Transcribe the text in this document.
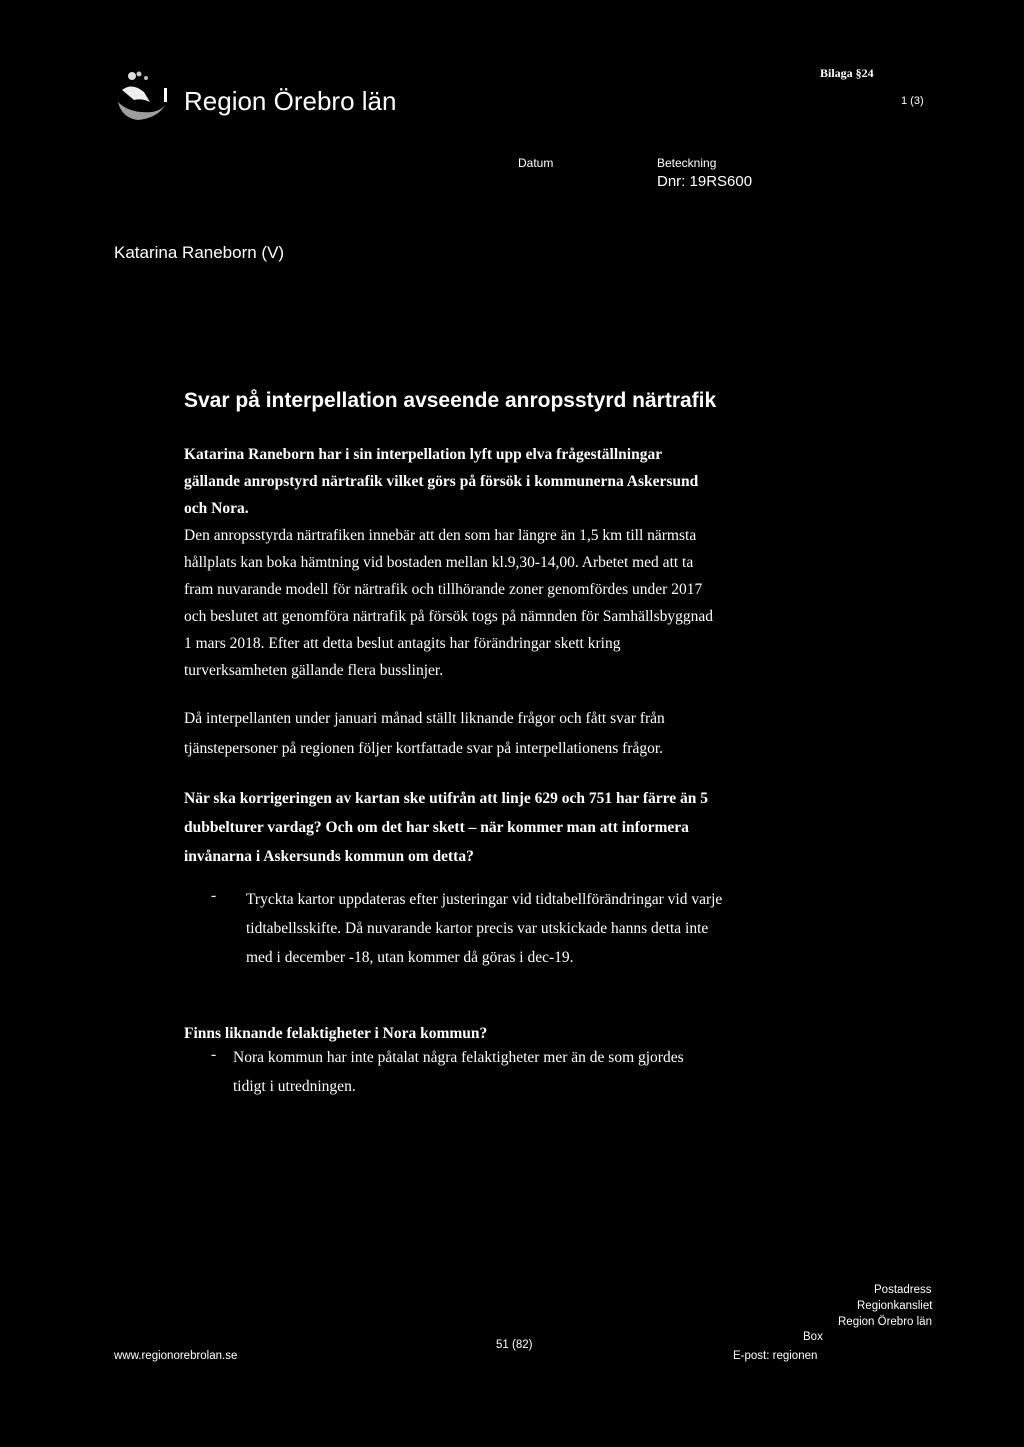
Region Örebro län
Bilaga §24
1 (3)
Datum	Beteckning
Dnr: 19RS600
Katarina Raneborn (V)
Svar på interpellation avseende anropsstyrd närtrafik
Katarina Raneborn har i sin interpellation lyft upp elva frågeställningar
gällande anropstyrd närtrafik vilket görs på försök i kommunerna Askersund
och Nora.
Den anropsstyrda närtrafiken innebär att den som har längre än 1,5 km till närmsta
hållplats kan boka hämtning vid bostaden mellan kl.9,30-14,00. Arbetet med att ta
fram nuvarande modell för närtrafik och tillhörande zoner genomfördes under 2017
och beslutet att genomföra närtrafik på försök togs på nämnden för Samhällsbyggnad
1 mars 2018. Efter att detta beslut antagits har förändringar skett kring
turverksamheten gällande flera busslinjer.
Då interpellanten under januari månad ställt liknande frågor och fått svar från
tjänstepersoner på regionen följer kortfattade svar på interpellationens frågor.
När ska korrigeringen av kartan ske utifrån att linje 629 och 751 har färre än 5
dubbelturer vardag? Och om det har skett – när kommer man att informera
invånarna i Askersunds kommun om detta?
- Tryckta kartor uppdateras efter justeringar vid tidtabellförändringar vid varje
tidtabellsskifte. Då nuvarande kartor precis var utskickade hanns detta inte
med i december -18, utan kommer då göras i dec-19.
Finns liknande felaktigheter i Nora kommun?
- Nora kommun har inte påtalat några felaktigheter mer än de som gjordes
tidigt i utredningen.
www.regionorebrolan.se
51 (82)
Box
E-post: regionen
Postadress
Regionkansliet
Region Örebro län
